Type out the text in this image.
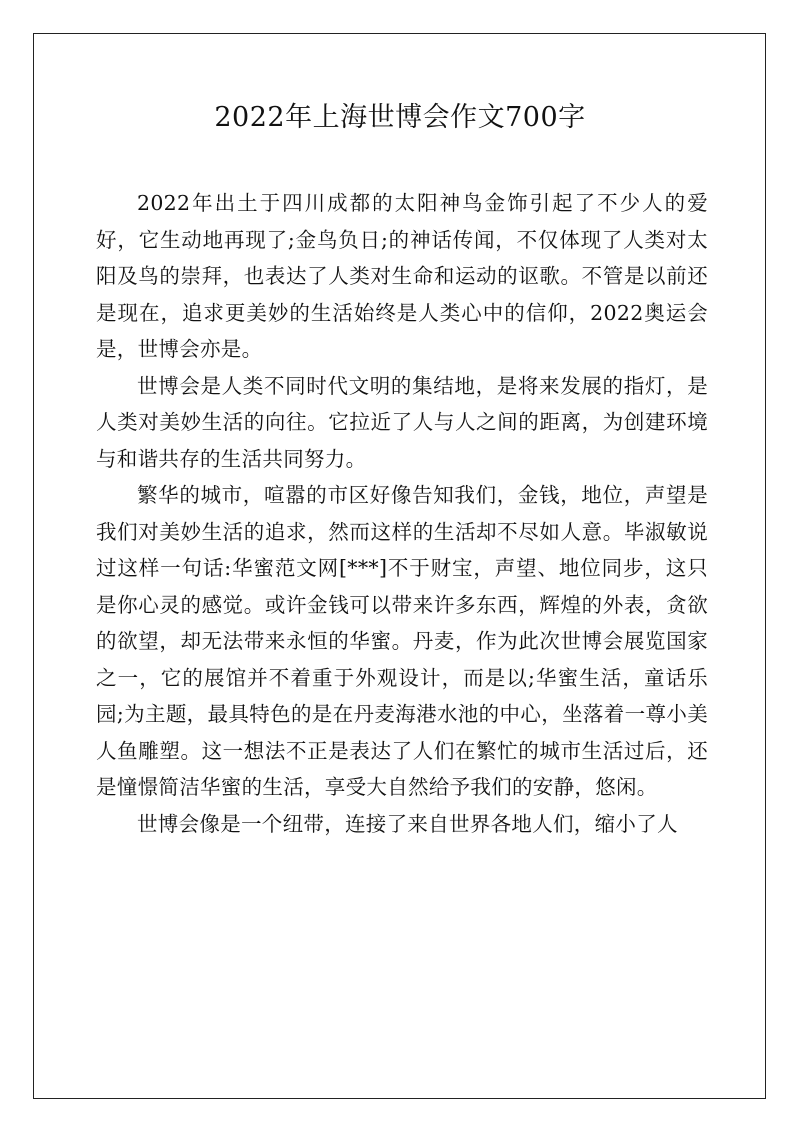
2022年上海世博会作文700字

2022年出土于四川成都的太阳神鸟金饰引起了不少人的爱好，它生动地再现了;金鸟负日;的神话传闻，不仅体现了人类对太阳及鸟的崇拜，也表达了人类对生命和运动的讴歌。不管是以前还是现在，追求更美妙的生活始终是人类心中的信仰，2022奥运会是，世博会亦是。

世博会是人类不同时代文明的集结地，是将来发展的指灯，是人类对美妙生活的向往。它拉近了人与人之间的距离，为创建环境与和谐共存的生活共同努力。

繁华的城市，喧嚣的市区好像告知我们，金钱，地位，声望是我们对美妙生活的追求，然而这样的生活却不尽如人意。毕淑敏说过这样一句话:华蜜范文网[***]不于财宝，声望、地位同步，这只是你心灵的感觉。或许金钱可以带来许多东西，辉煌的外表，贪欲的欲望，却无法带来永恒的华蜜。丹麦，作为此次世博会展览国家之一，它的展馆并不着重于外观设计，而是以;华蜜生活，童话乐园;为主题，最具特色的是在丹麦海港水池的中心，坐落着一尊小美人鱼雕塑。这一想法不正是表达了人们在繁忙的城市生活过后，还是憧憬简洁华蜜的生活，享受大自然给予我们的安静，悠闲。

世博会像是一个纽带，连接了来自世界各地人们，缩小了人
